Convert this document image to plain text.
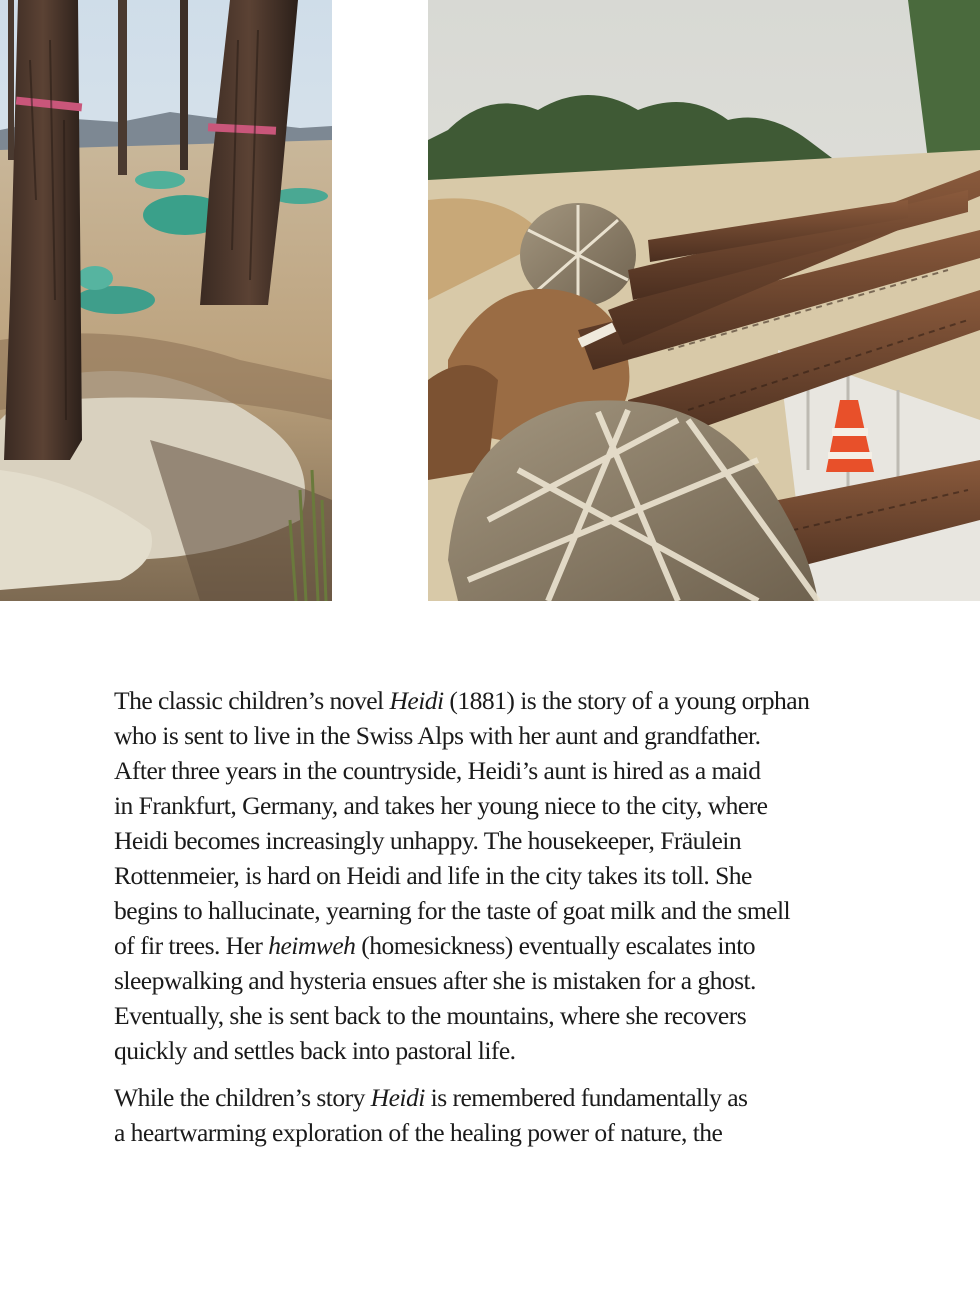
The classic children’s novel Heidi (1881) is the story of a young orphan
who is sent to live in the Swiss Alps with her aunt and grandfather.
After three years in the countryside, Heidi’s aunt is hired as a maid
in Frankfurt, Germany, and takes her young niece to the city, where
Heidi becomes increasingly unhappy. The housekeeper, Fräulein
Rottenmeier, is hard on Heidi and life in the city takes its toll. She
begins to hallucinate, yearning for the taste of goat milk and the smell
of fir trees. Her heimweh (homesickness) eventually escalates into
sleepwalking and hysteria ensues after she is mistaken for a ghost.
Eventually, she is sent back to the mountains, where she recovers
quickly and settles back into pastoral life.

While the children’s story Heidi is remembered fundamentally as
a heartwarming exploration of the healing power of nature, the
